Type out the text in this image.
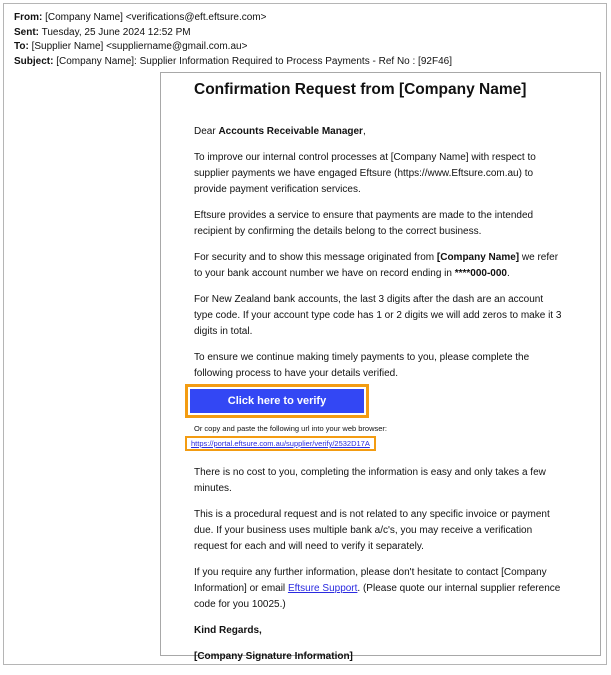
From: [Company Name] <verifications@eft.eftsure.com>
Sent: Tuesday, 25 June 2024 12:52 PM
To: [Supplier Name] <suppliername@gmail.com.au>
Subject: [Company Name]: Supplier Information Required to Process Payments - Ref No : [92F46]
Confirmation Request from [Company Name]

Dear Accounts Receivable Manager,

To improve our internal control processes at [Company Name] with respect to supplier payments we have engaged Eftsure (https://www.Eftsure.com.au) to provide payment verification services.

Eftsure provides a service to ensure that payments are made to the intended recipient by confirming the details belong to the correct business.

For security and to show this message originated from [Company Name] we refer to your bank account number we have on record ending in ****000-000.

For New Zealand bank accounts, the last 3 digits after the dash are an account type code. If your account type code has 1 or 2 digits we will add zeros to make it 3 digits in total.

To ensure we continue making timely payments to you, please complete the following process to have your details verified.

Click here to verify
Or copy and paste the following url into your web browser:
https://portal.eftsure.com.au/supplier/verify/2532D17A

There is no cost to you, completing the information is easy and only takes a few minutes.

This is a procedural request and is not related to any specific invoice or payment due. If your business uses multiple bank a/c's, you may receive a verification request for each and will need to verify it separately.

If you require any further information, please don't hesitate to contact [Company Information] or email Eftsure Support. (Please quote our internal supplier reference code for you 10025.)

Kind Regards,

[Company Signature Information]
